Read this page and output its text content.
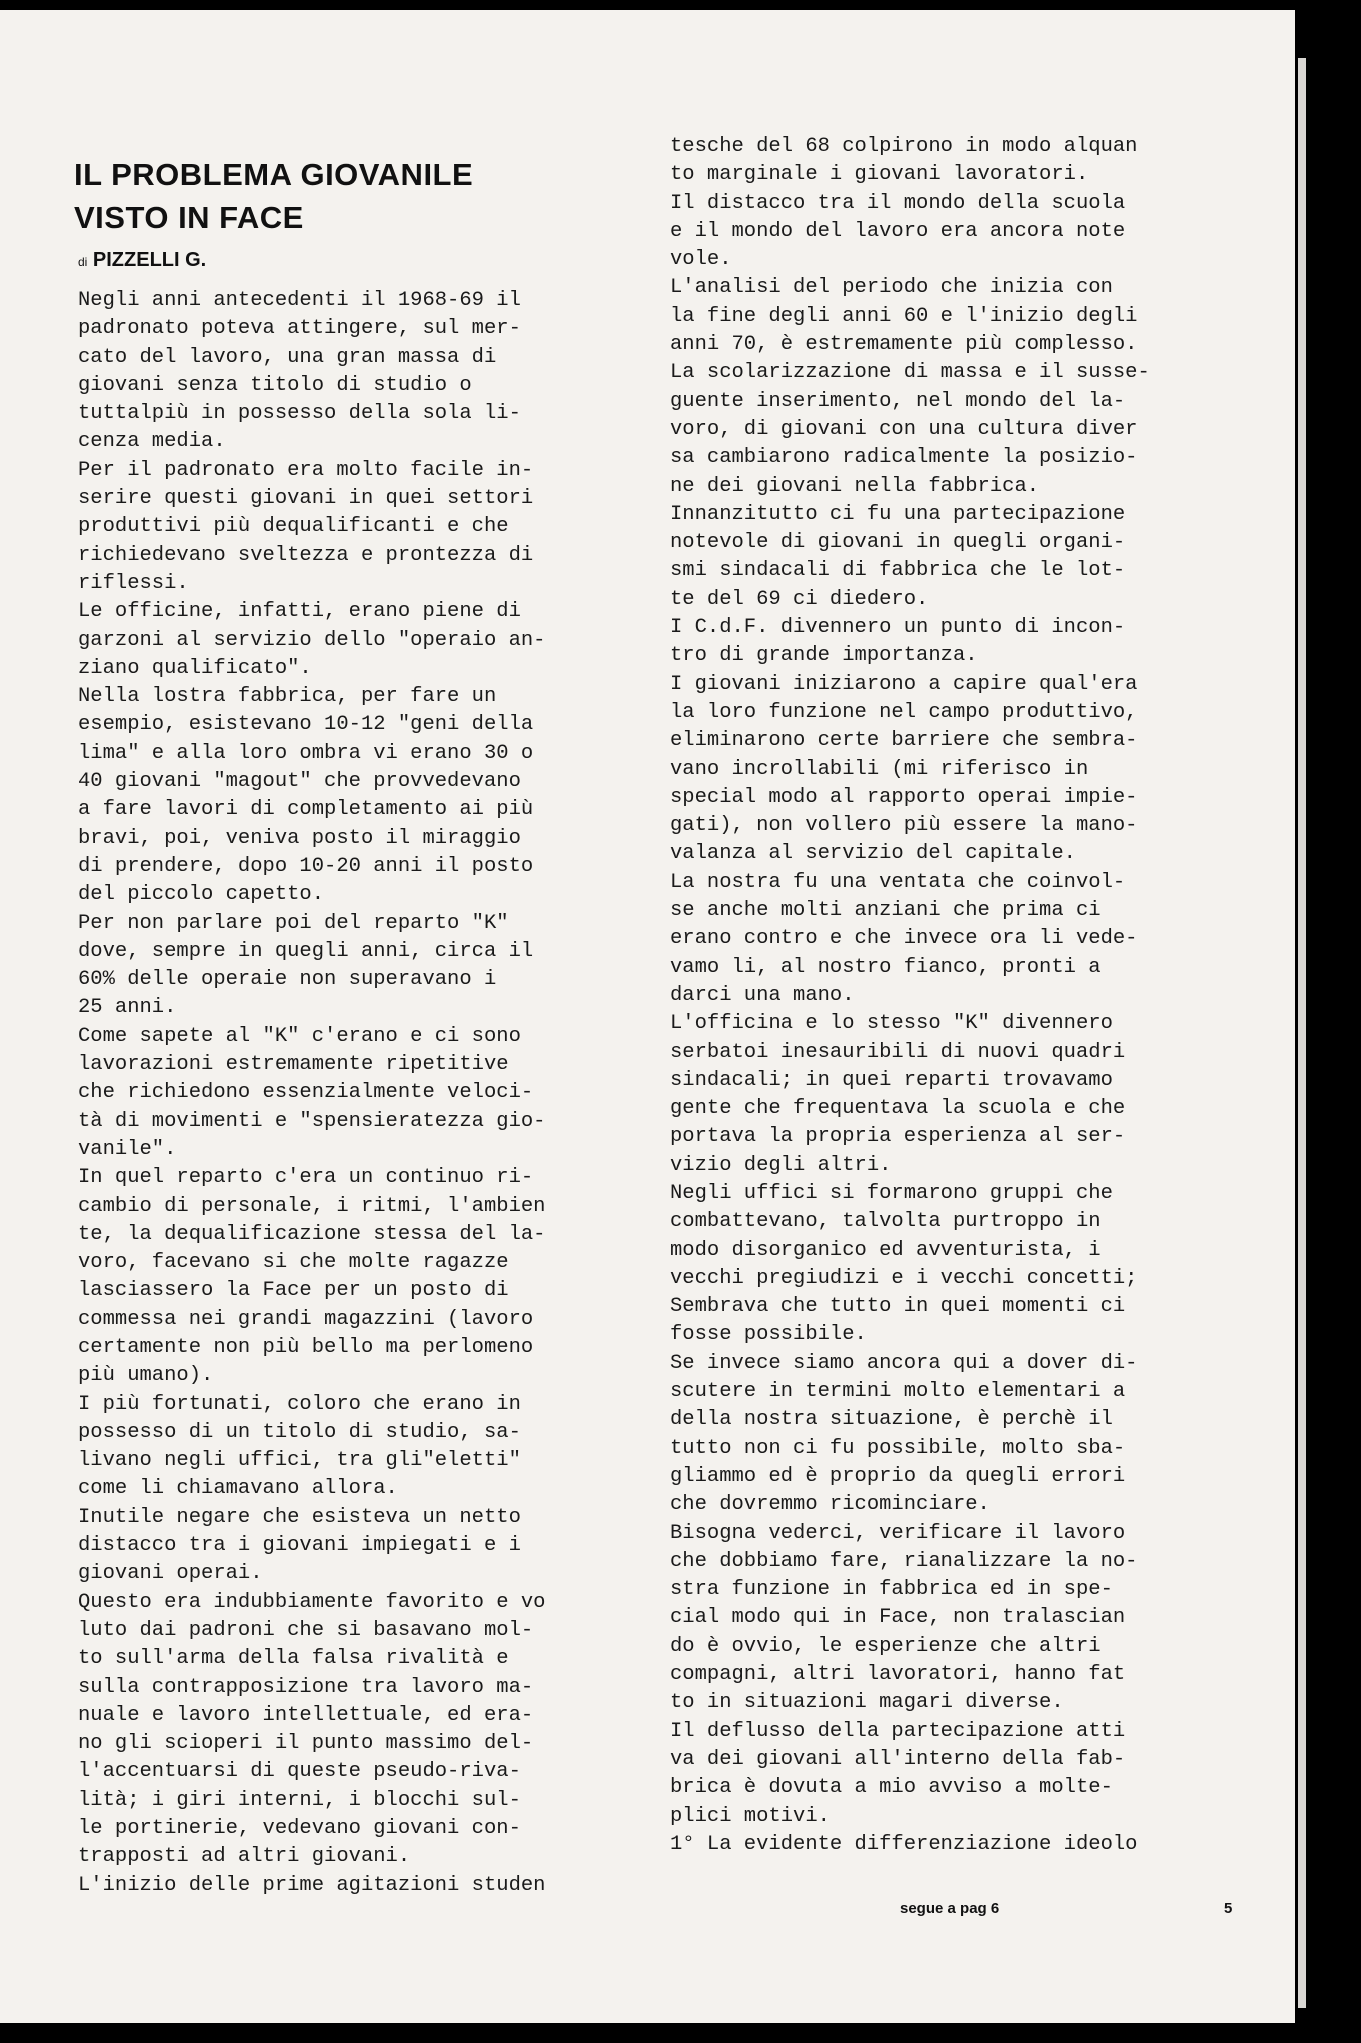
IL PROBLEMA GIOVANILE
VISTO IN FACE
di PIZZELLI G.
Negli anni antecedenti il 1968-69 il
padronato poteva attingere, sul mer-
cato del lavoro, una gran massa di
giovani senza titolo di studio o
tuttalpiù in possesso della sola li-
cenza media.
Per il padronato era molto facile in-
serire questi giovani in quei settori
produttivi più dequalificanti e che
richiedevano sveltezza e prontezza di
riflessi.
Le officine, infatti, erano piene di
garzoni al servizio dello "operaio an-
ziano qualificato".
Nella lostra fabbrica, per fare un
esempio, esistevano 10-12 "geni della
lima" e alla loro ombra vi erano 30 o
40 giovani "magout" che provvedevano
a fare lavori di completamento ai più
bravi, poi, veniva posto il miraggio
di prendere, dopo 10-20 anni il posto
del piccolo capetto.
Per non parlare poi del reparto "K"
dove, sempre in quegli anni, circa il
60% delle operaie non superavano i
25 anni.
Come sapete al "K" c'erano e ci sono
lavorazioni estremamente ripetitive
che richiedono essenzialmente veloci-
tà di movimenti e "spensieratezza gio-
vanile".
In quel reparto c'era un continuo ri-
cambio di personale, i ritmi, l'ambien
te, la dequalificazione stessa del la-
voro, facevano si che molte ragazze
lasciassero la Face per un posto di
commessa nei grandi magazzini (lavoro
certamente non più bello ma perlomeno
più umano).
I più fortunati, coloro che erano in
possesso di un titolo di studio, sa-
livano negli uffici, tra gli"eletti"
come li chiamavano allora.
Inutile negare che esisteva un netto
distacco tra i giovani impiegati e i
giovani operai.
Questo era indubbiamente favorito e vo
luto dai padroni che si basavano mol-
to sull'arma della falsa rivalità e
sulla contrapposizione tra lavoro ma-
nuale e lavoro intellettuale, ed era-
no gli scioperi il punto massimo del-
l'accentuarsi di queste pseudo-riva-
lità; i giri interni, i blocchi sul-
le portinerie, vedevano giovani con-
trapposti ad altri giovani.
L'inizio delle prime agitazioni studen
tesche del 68 colpirono in modo alquan
to marginale i giovani lavoratori.
Il distacco tra il mondo della scuola
e il mondo del lavoro era ancora note
vole.
L'analisi del periodo che inizia con
la fine degli anni 60 e l'inizio degli
anni 70, è estremamente più complesso.
La scolarizzazione di massa e il susse-
guente inserimento, nel mondo del la-
voro, di giovani con una cultura diver
sa cambiarono radicalmente la posizio-
ne dei giovani nella fabbrica.
Innanzitutto ci fu una partecipazione
notevole di giovani in quegli organi-
smi sindacali di fabbrica che le lot-
te del 69 ci diedero.
I C.d.F. divennero un punto di incon-
tro di grande importanza.
I giovani iniziarono a capire qual'era
la loro funzione nel campo produttivo,
eliminarono certe barriere che sembra-
vano incrollabili (mi riferisco in
special modo al rapporto operai impie-
gati), non vollero più essere la mano-
valanza al servizio del capitale.
La nostra fu una ventata che coinvol-
se anche molti anziani che prima ci
erano contro e che invece ora li vede-
vamo li, al nostro fianco, pronti a
darci una mano.
L'officina e lo stesso "K" divennero
serbatoi inesauribili di nuovi quadri
sindacali; in quei reparti trovavamo
gente che frequentava la scuola e che
portava la propria esperienza al ser-
vizio degli altri.
Negli uffici si formarono gruppi che
combattevano, talvolta purtroppo in
modo disorganico ed avventurista, i
vecchi pregiudizi e i vecchi concetti;
Sembrava che tutto in quei momenti ci
fosse possibile.
Se invece siamo ancora qui a dover di-
scutere in termini molto elementari a
della nostra situazione, è perchè il
tutto non ci fu possibile, molto sba-
gliammo ed è proprio da quegli errori
che dovremmo ricominciare.
Bisogna vederci, verificare il lavoro
che dobbiamo fare, rianalizzare la no-
stra funzione in fabbrica ed in spe-
cial modo qui in Face, non tralascian
do è ovvio, le esperienze che altri
compagni, altri lavoratori, hanno fat
to in situazioni magari diverse.
Il deflusso della partecipazione atti
va dei giovani all'interno della fab-
brica è dovuta a mio avviso a molte-
plici motivi.
1° La evidente differenziazione ideolo
segue a pag 6	5
